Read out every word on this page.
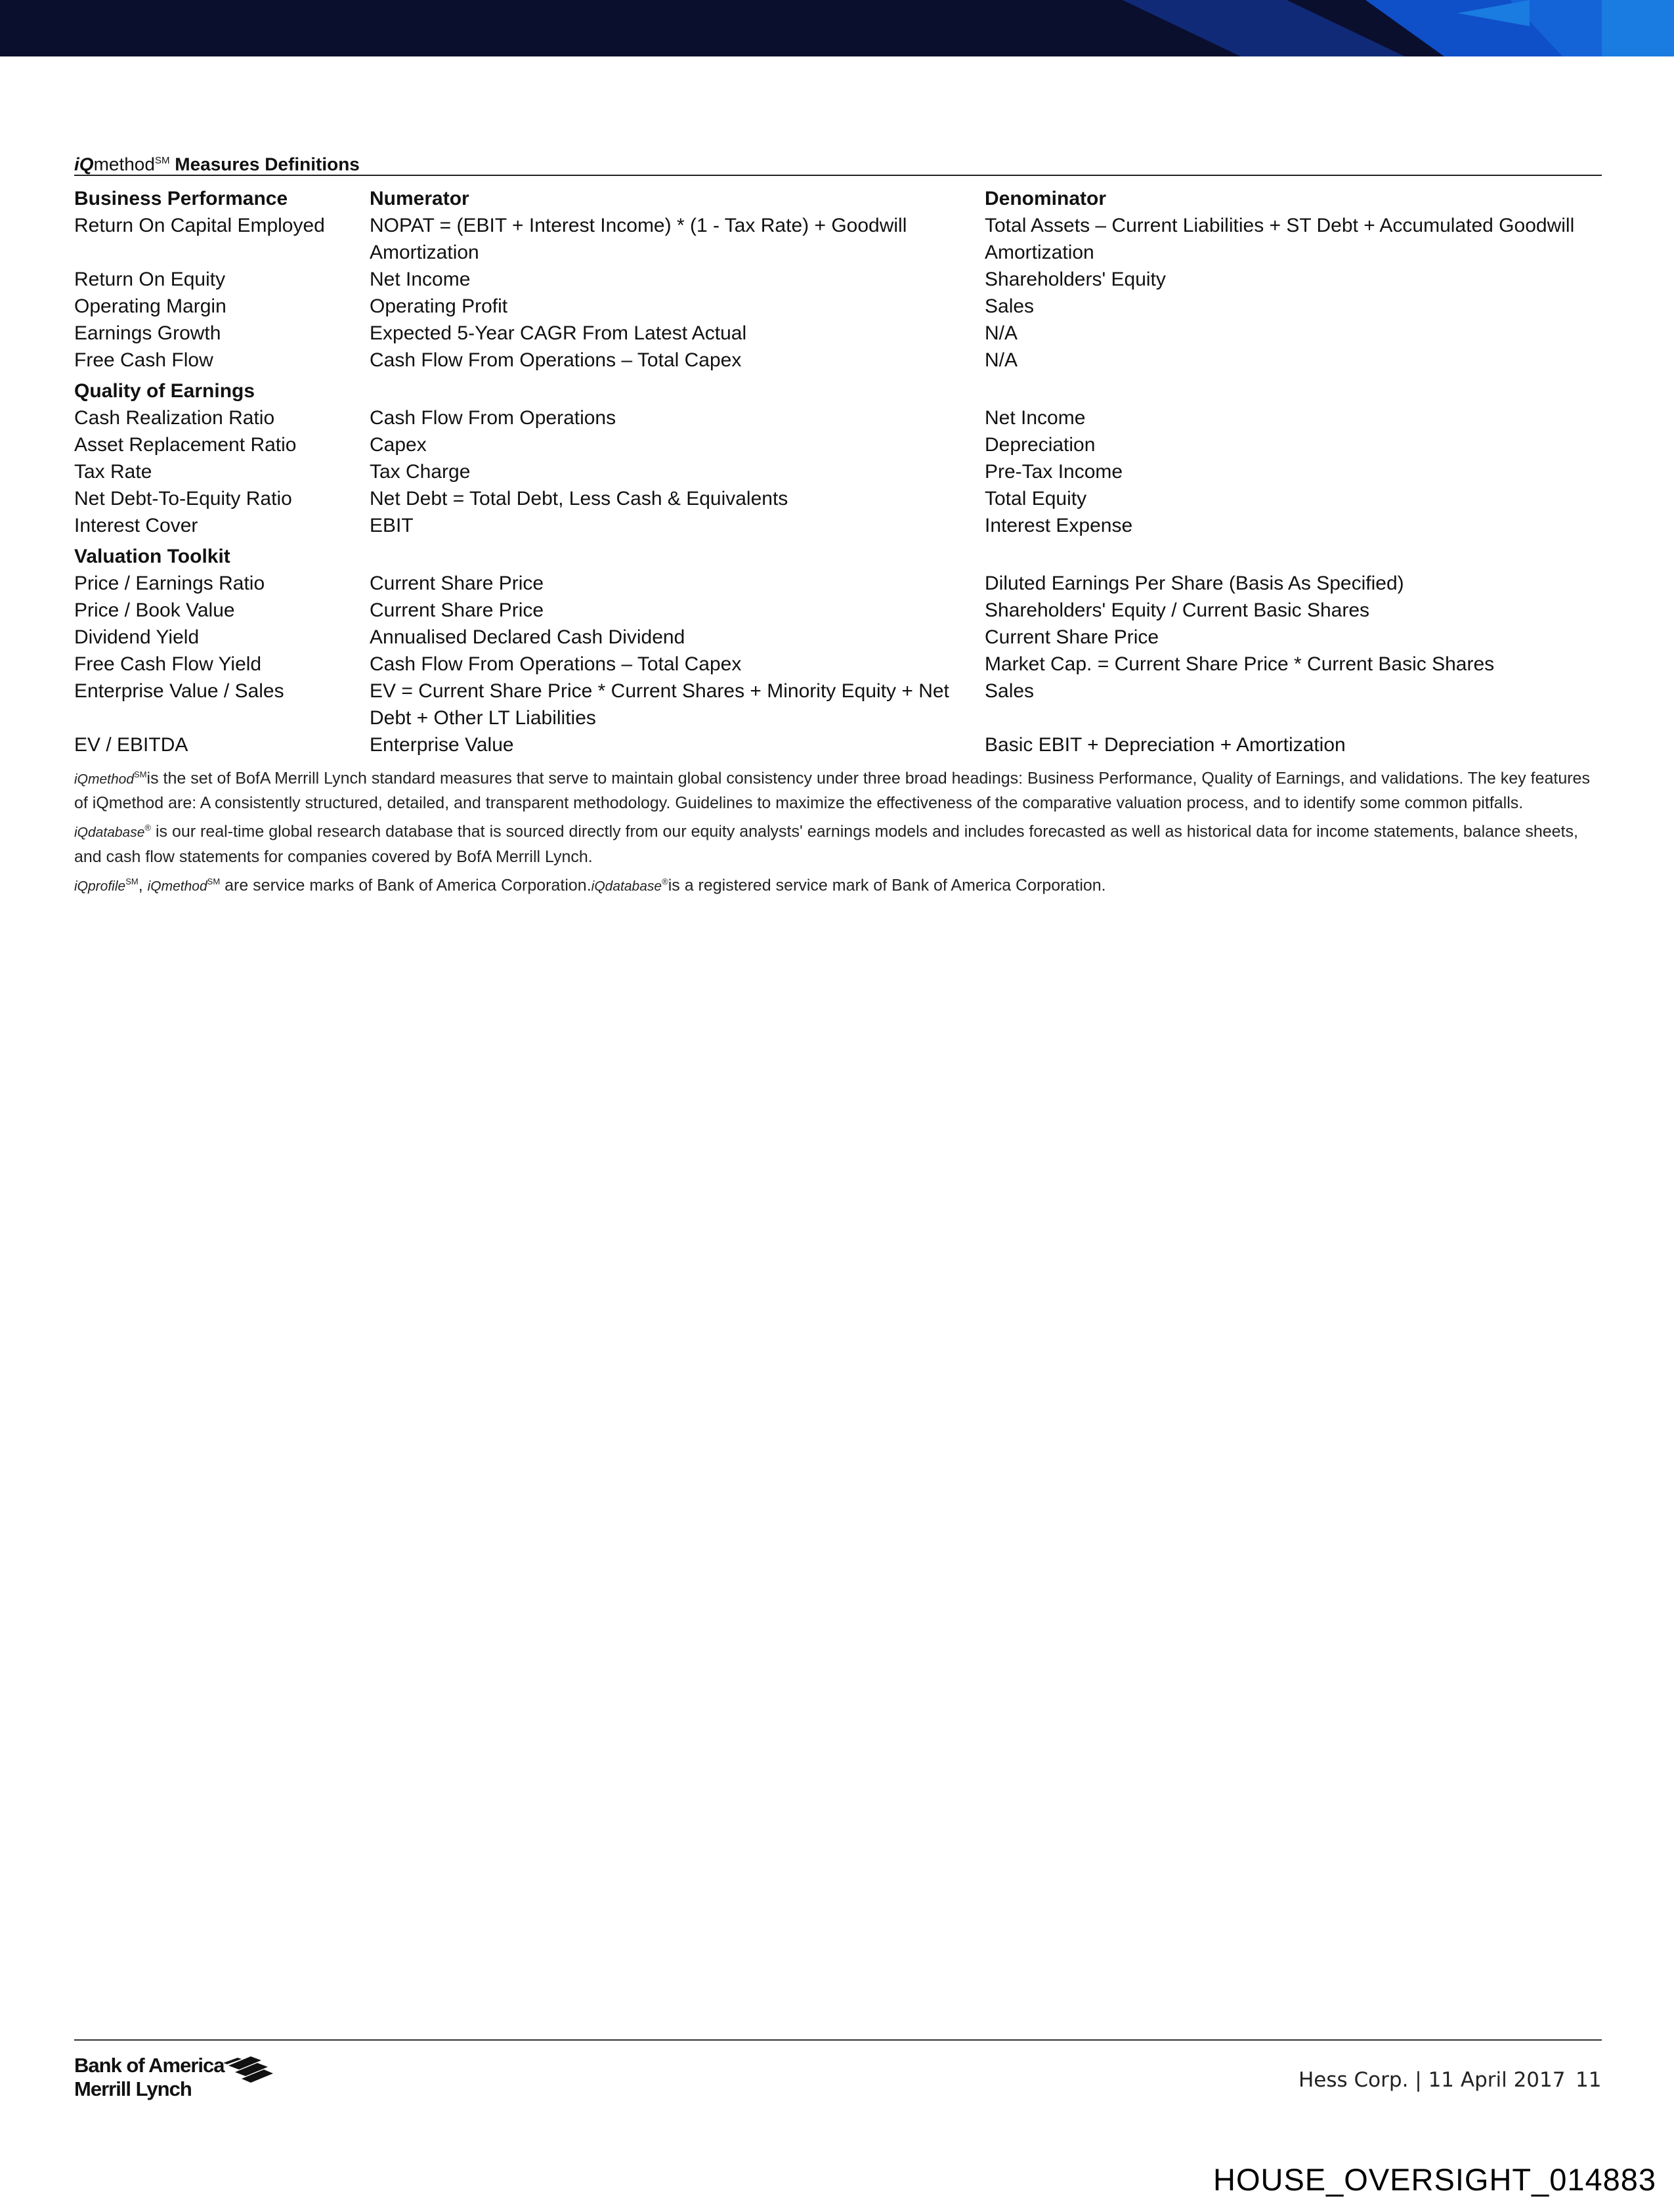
iQmethod℠ Measures Definitions
Business Performance	Numerator	Denominator
Return On Capital Employed	NOPAT = (EBIT + Interest Income) * (1 - Tax Rate) + Goodwill Amortization	Total Assets – Current Liabilities + ST Debt + Accumulated Goodwill Amortization
Return On Equity	Net Income	Shareholders' Equity
Operating Margin	Operating Profit	Sales
Earnings Growth	Expected 5-Year CAGR From Latest Actual	N/A
Free Cash Flow	Cash Flow From Operations – Total Capex	N/A
Quality of Earnings		
Cash Realization Ratio	Cash Flow From Operations	Net Income
Asset Replacement Ratio	Capex	Depreciation
Tax Rate	Tax Charge	Pre-Tax Income
Net Debt-To-Equity Ratio	Net Debt = Total Debt, Less Cash & Equivalents	Total Equity
Interest Cover	EBIT	Interest Expense
Valuation Toolkit		
Price / Earnings Ratio	Current Share Price	Diluted Earnings Per Share (Basis As Specified)
Price / Book Value	Current Share Price	Shareholders' Equity / Current Basic Shares
Dividend Yield	Annualised Declared Cash Dividend	Current Share Price
Free Cash Flow Yield	Cash Flow From Operations – Total Capex	Market Cap. = Current Share Price * Current Basic Shares
Enterprise Value / Sales	EV = Current Share Price * Current Shares + Minority Equity + Net Debt + Other LT Liabilities	Sales
EV / EBITDA	Enterprise Value	Basic EBIT + Depreciation + Amortization
iQmethod℠is the set of BofA Merrill Lynch standard measures that serve to maintain global consistency under three broad headings: Business Performance, Quality of Earnings, and validations. The key features of iQmethod are: A consistently structured, detailed, and transparent methodology. Guidelines to maximize the effectiveness of the comparative valuation process, and to identify some common pitfalls.
iQdatabase® is our real-time global research database that is sourced directly from our equity analysts' earnings models and includes forecasted as well as historical data for income statements, balance sheets, and cash flow statements for companies covered by BofA Merrill Lynch.
iQprofile℠, iQmethod℠ are service marks of Bank of America Corporation.iQdatabase®is a registered service mark of Bank of America Corporation.
Bank of America
Merrill Lynch	Hess Corp. | 11 April 2017 11
HOUSE_OVERSIGHT_014883
